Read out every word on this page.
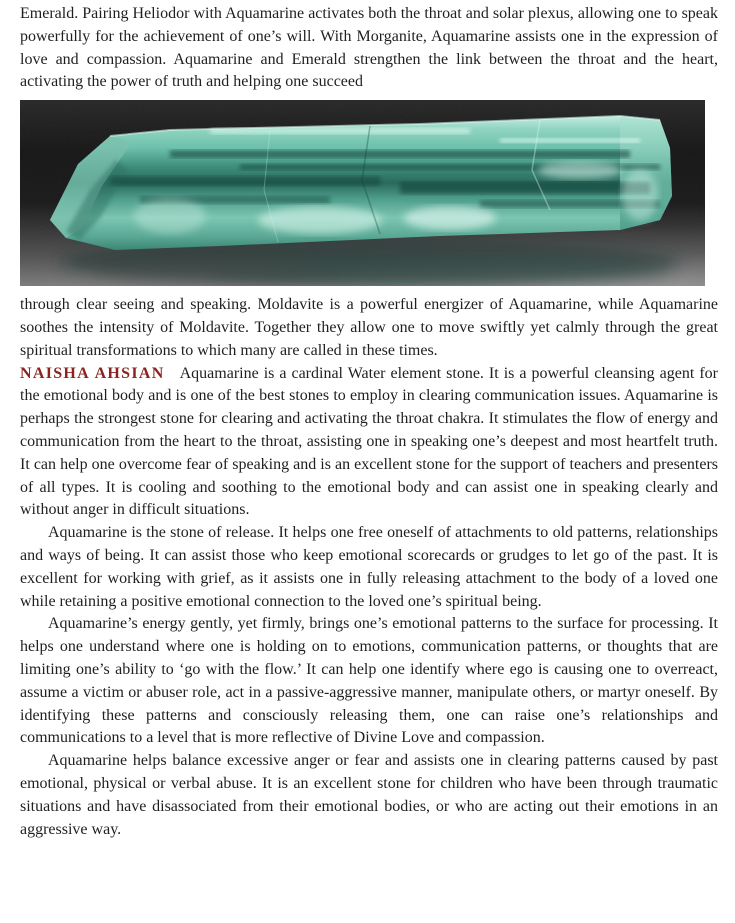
Emerald. Pairing Heliodor with Aquamarine activates both the throat and solar plexus, allowing one to speak powerfully for the achievement of one’s will. With Morganite, Aquamarine assists one in the expression of love and compassion. Aquamarine and Emerald strengthen the link between the throat and the heart, activating the power of truth and helping one succeed

through clear seeing and speaking. Moldavite is a powerful energizer of Aquamarine, while Aquamarine soothes the intensity of Moldavite. Together they allow one to move swiftly yet calmly through the great spiritual transformations to which many are called in these times.

NAISHA AHSIAN Aquamarine is a cardinal Water element stone. It is a powerful cleansing agent for the emotional body and is one of the best stones to employ in clearing communication issues. Aquamarine is perhaps the strongest stone for clearing and activating the throat chakra. It stimulates the flow of energy and communication from the heart to the throat, assisting one in speaking one’s deepest and most heartfelt truth. It can help one overcome fear of speaking and is an excellent stone for the support of teachers and presenters of all types. It is cooling and soothing to the emotional body and can assist one in speaking clearly and without anger in difficult situations.

Aquamarine is the stone of release. It helps one free oneself of attachments to old patterns, relationships and ways of being. It can assist those who keep emotional scorecards or grudges to let go of the past. It is excellent for working with grief, as it assists one in fully releasing attachment to the body of a loved one while retaining a positive emotional connection to the loved one’s spiritual being.

Aquamarine’s energy gently, yet firmly, brings one’s emotional patterns to the surface for processing. It helps one understand where one is holding on to emotions, communication patterns, or thoughts that are limiting one’s ability to ‘go with the flow.’ It can help one identify where ego is causing one to overreact, assume a victim or abuser role, act in a passive-aggressive manner, manipulate others, or martyr oneself. By identifying these patterns and consciously releasing them, one can raise one’s relationships and communications to a level that is more reflective of Divine Love and compassion.

Aquamarine helps balance excessive anger or fear and assists one in clearing patterns caused by past emotional, physical or verbal abuse. It is an excellent stone for children who have been through traumatic situations and have disassociated from their emotional bodies, or who are acting out their emotions in an aggressive way.
